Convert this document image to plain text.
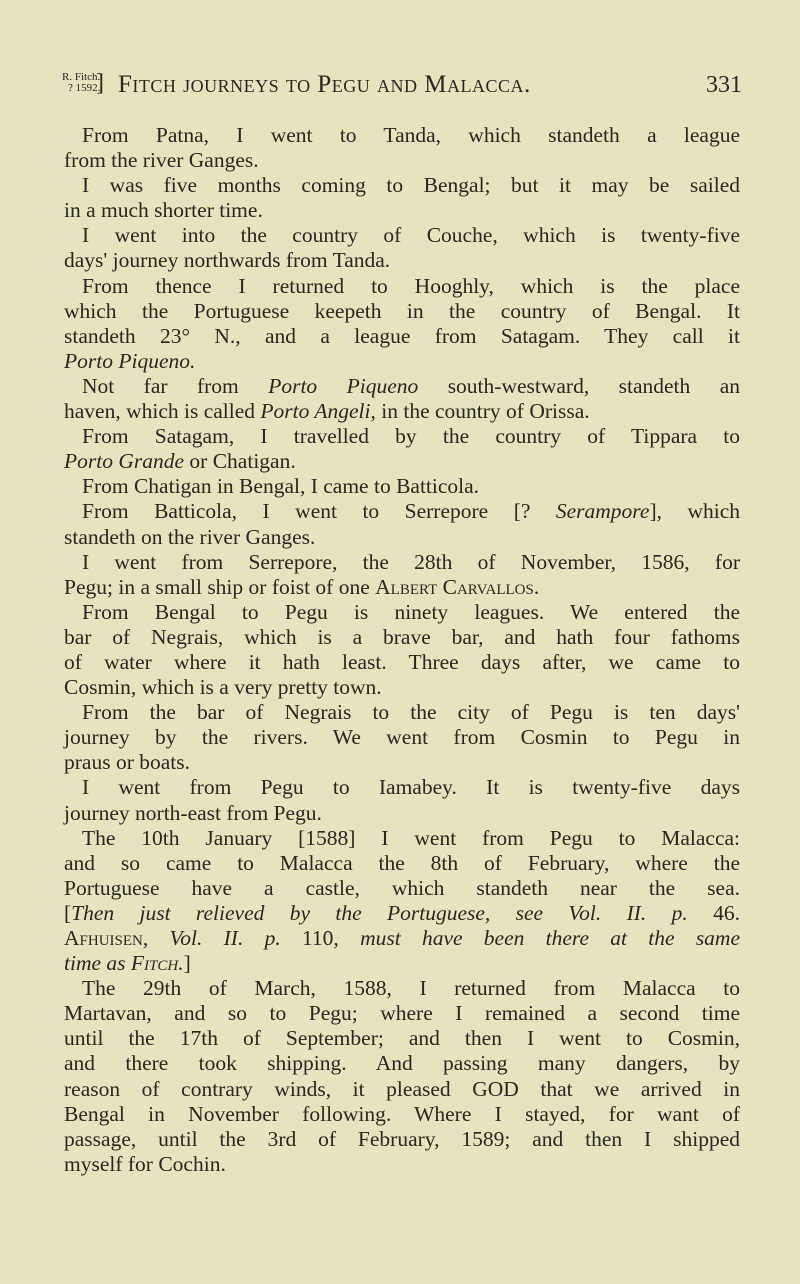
R. Fitch.
? 1592.
] Fitch journeys to Pegu and Malacca.	331
From Patna, I went to Tanda, which standeth a league
from the river Ganges.
I was five months coming to Bengal; but it may be sailed
in a much shorter time.
I went into the country of Couche, which is twenty-five
days' journey northwards from Tanda.
From thence I returned to Hooghly, which is the place
which the Portuguese keepeth in the country of Bengal. It
standeth 23° N., and a league from Satagam. They call it
Porto Piqueno.
Not far from Porto Piqueno south-westward, standeth an
haven, which is called Porto Angeli, in the country of Orissa.
From Satagam, I travelled by the country of Tippara to
Porto Grande or Chatigan.
From Chatigan in Bengal, I came to Batticola.
From Batticola, I went to Serrepore [? Serampore], which
standeth on the river Ganges.
I went from Serrepore, the 28th of November, 1586, for
Pegu; in a small ship or foist of one Albert Carvallos.
From Bengal to Pegu is ninety leagues. We entered the
bar of Negrais, which is a brave bar, and hath four fathoms
of water where it hath least. Three days after, we came to
Cosmin, which is a very pretty town.
From the bar of Negrais to the city of Pegu is ten days'
journey by the rivers. We went from Cosmin to Pegu in
praus or boats.
I went from Pegu to Iamabey. It is twenty-five days
journey north-east from Pegu.
The 10th January [1588] I went from Pegu to Malacca:
and so came to Malacca the 8th of February, where the
Portuguese have a castle, which standeth near the sea.
[Then just relieved by the Portuguese, see Vol. II. p. 46.
Afhuisen, Vol. II. p. 110, must have been there at the same
time as Fitch.]
The 29th of March, 1588, I returned from Malacca to
Martavan, and so to Pegu; where I remained a second time
until the 17th of September; and then I went to Cosmin,
and there took shipping. And passing many dangers, by
reason of contrary winds, it pleased GOD that we arrived in
Bengal in November following. Where I stayed, for want of
passage, until the 3rd of February, 1589; and then I shipped
myself for Cochin.
